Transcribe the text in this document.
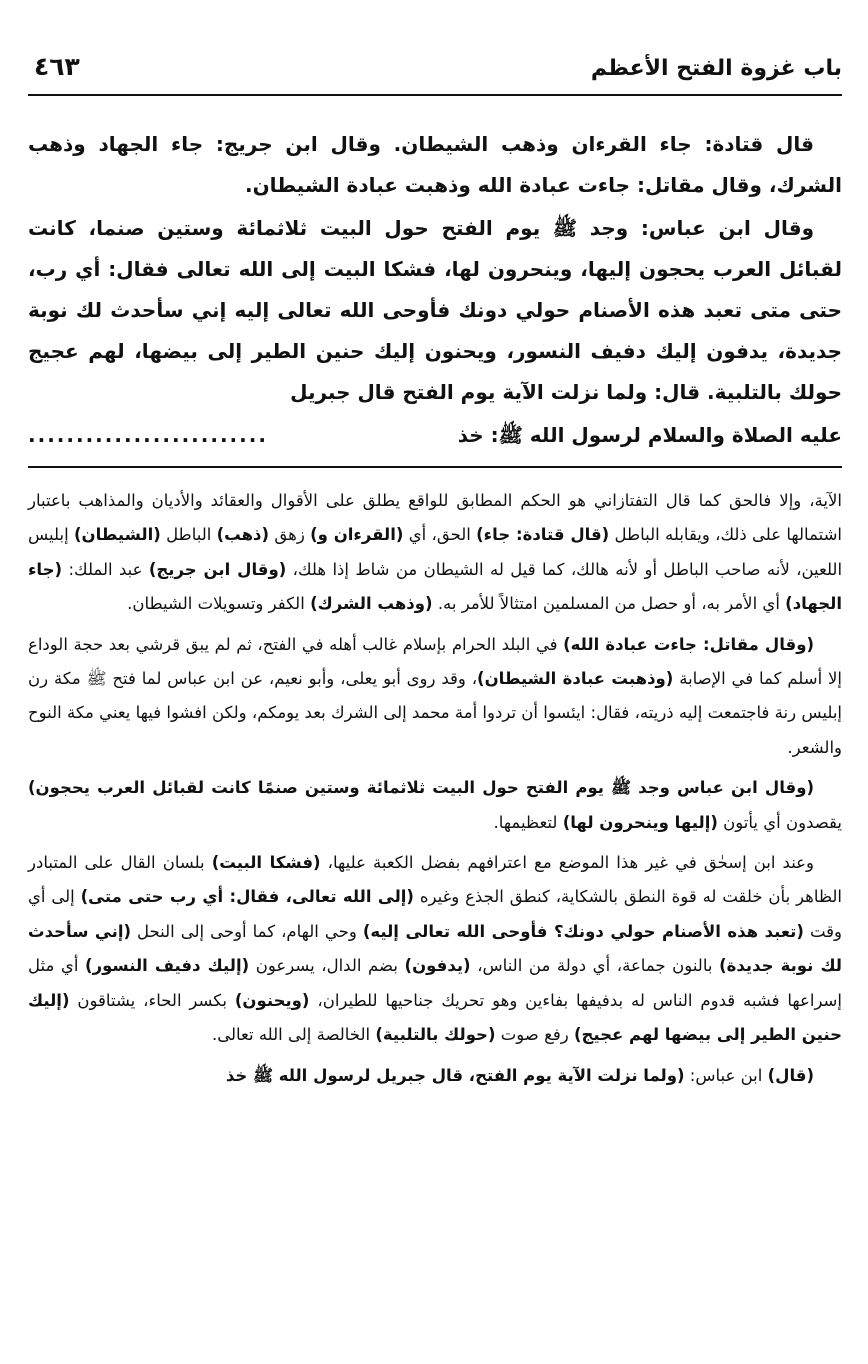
باب غزوة الفتح الأعظم
٤٦٣

قال قتادة: جاء القرءان وذهب الشيطان. وقال ابن جريج: جاء الجهاد وذهب الشرك، وقال مقاتل: جاءت عبادة الله وذهبت عبادة الشيطان.

وقال ابن عباس: وجد ﷺ يوم الفتح حول البيت ثلاثمائة وستين صنما، كانت لقبائل العرب يحجون إليها، وينحرون لها، فشكا البيت إلى الله تعالى فقال: أي رب، حتى متى تعبد هذه الأصنام حولي دونك فأوحى الله تعالى إليه إني سأحدث لك نوبة جديدة، يدفون إليك دفيف النسور، ويحنون إليك حنين الطير إلى بيضها، لهم عجيج حولك بالتلبية. قال: ولما نزلت الآية يوم الفتح قال جبريل

عليه الصلاة والسلام لرسول الله ﷺ: خذ
.........................

الآية، وإلا فالحق كما قال التفتازاني هو الحكم المطابق للواقع يطلق على الأقوال والعقائد والأديان والمذاهب باعتبار اشتمالها على ذلك، ويقابله الباطل (قال قتادة: جاء) الحق، أي (القرءان و) زهق (ذهب) الباطل (الشيطان) إبليس اللعين، لأنه صاحب الباطل أو لأنه هالك، كما قيل له الشيطان من شاط إذا هلك، (وقال ابن جريج) عبد الملك: (جاء الجهاد) أي الأمر به، أو حصل من المسلمين امتثالاً للأمر به. (وذهب الشرك) الكفر وتسويلات الشيطان.

(وقال مقاتل: جاءت عبادة الله) في البلد الحرام بإسلام غالب أهله في الفتح، ثم لم يبق قرشي بعد حجة الوداع إلا أسلم كما في الإصابة (وذهبت عبادة الشيطان)، وقد روى أبو يعلى، وأبو نعيم، عن ابن عباس لما فتح ﷺ مكة رن إبليس رنة فاجتمعت إليه ذريته، فقال: ايئسوا أن تردوا أمة محمد إلى الشرك بعد يومكم، ولكن افشوا فيها يعني مكة النوح والشعر.

(وقال ابن عباس وجد ﷺ يوم الفتح حول البيت ثلاثمائة وستين صنمًا كانت لقبائل العرب يحجون) يقصدون أي يأتون (إليها وينحرون لها) لتعظيمها.

وعند ابن إسحٰق في غير هذا الموضع مع اعترافهم بفضل الكعبة عليها، (فشكا البيت) بلسان القال على المتبادر الظاهر بأن خلقت له قوة النطق بالشكاية، كنطق الجذع وغيره (إلى الله تعالى، فقال: أي رب حتى متى) إلى أي وقت (تعبد هذه الأصنام حولي دونك؟ فأوحى الله تعالى إليه) وحي الهام، كما أوحى إلى النحل (إني سأحدث لك نوبة جديدة) بالنون جماعة، أي دولة من الناس، (يدفون) بضم الدال، يسرعون (إليك دفيف النسور) أي مثل إسراعها فشبه قدوم الناس له بدفيفها بفاءين وهو تحريك جناحيها للطيران، (ويحنون) بكسر الحاء، يشتاقون (إليك حنين الطير إلى بيضها لهم عجيج) رفع صوت (حولك بالتلبية) الخالصة إلى الله تعالى.

(قال) ابن عباس: (ولما نزلت الآية يوم الفتح، قال جبريل لرسول الله ﷺ خذ
